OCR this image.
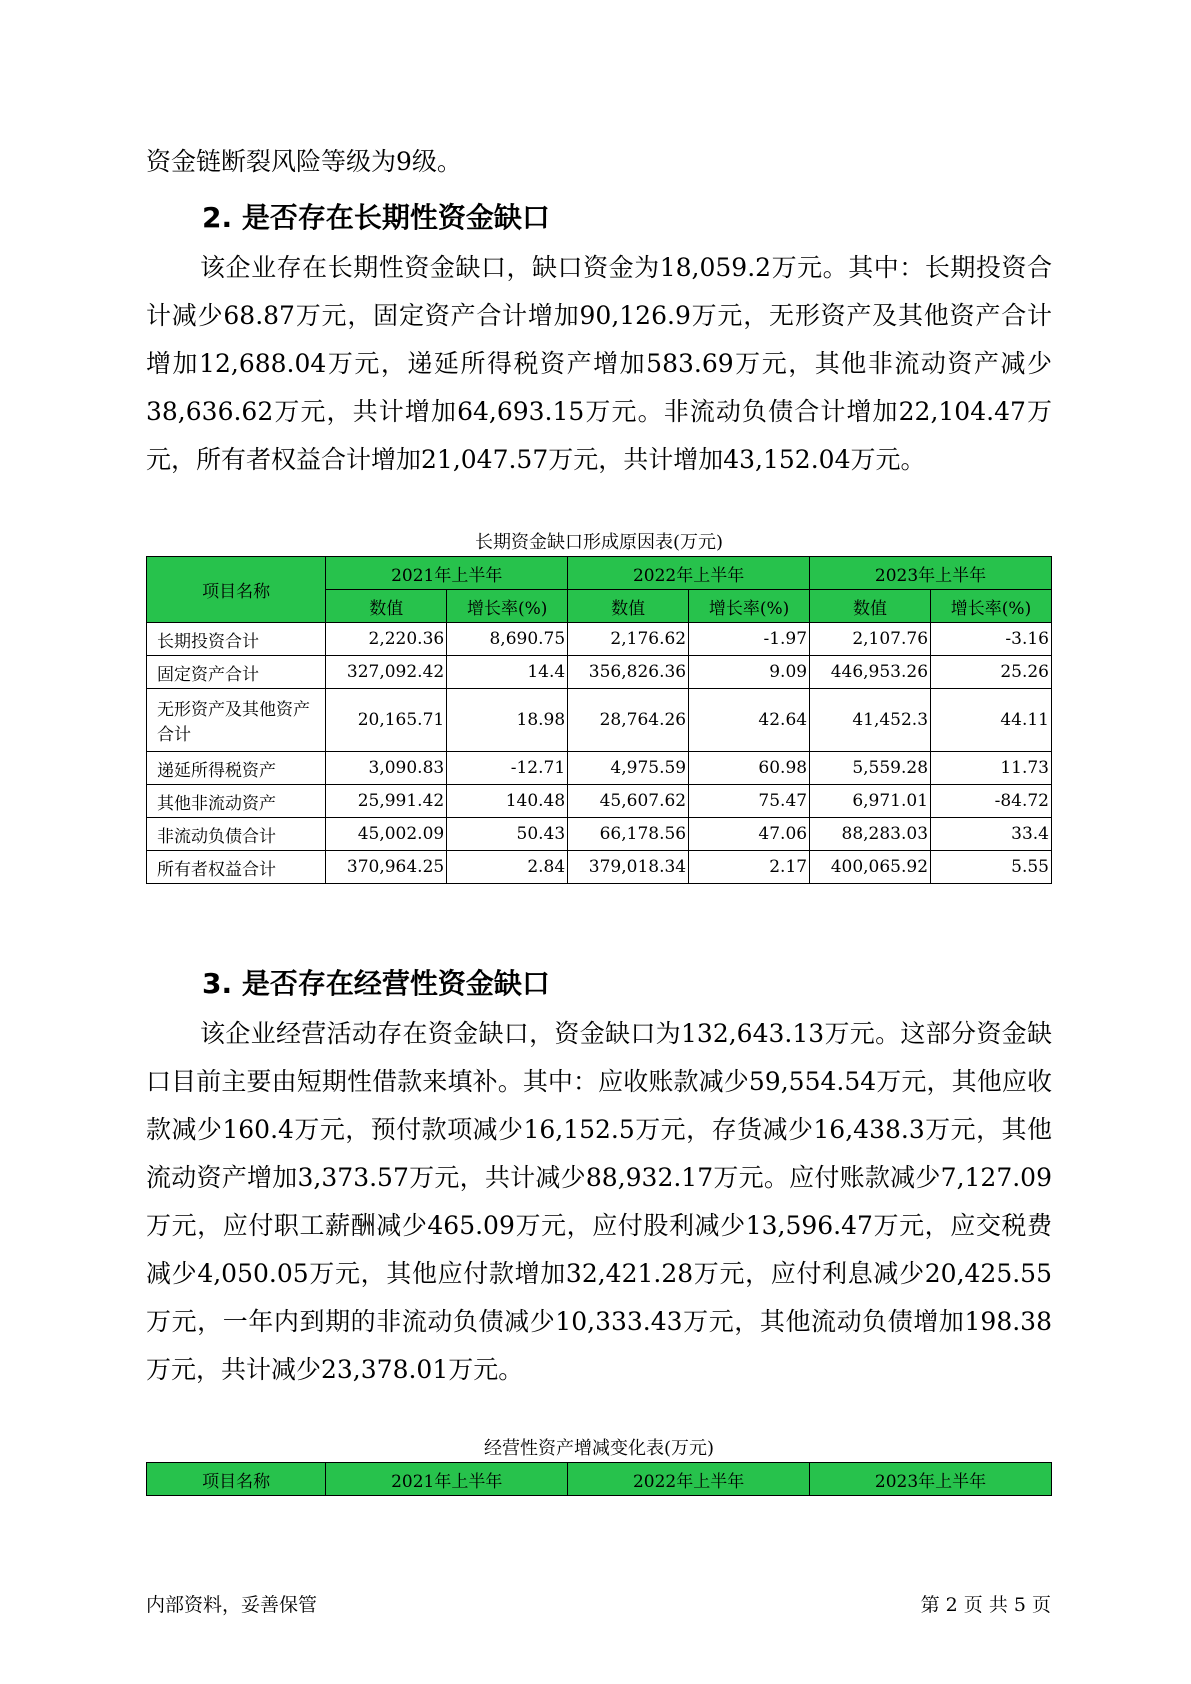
资金链断裂风险等级为9级。

2. 是否存在长期性资金缺口

该企业存在长期性资金缺口，缺口资金为18,059.2万元。其中：长期投资合计减少68.87万元，固定资产合计增加90,126.9万元，无形资产及其他资产合计增加12,688.04万元，递延所得税资产增加583.69万元，其他非流动资产减少38,636.62万元，共计增加64,693.15万元。非流动负债合计增加22,104.47万元，所有者权益合计增加21,047.57万元，共计增加43,152.04万元。

长期资金缺口形成原因表(万元)

项目名称	2021年上半年		2022年上半年		2023年上半年	
	数值	增长率(%)	数值	增长率(%)	数值	增长率(%)
长期投资合计	2,220.36	8,690.75	2,176.62	-1.97	2,107.76	-3.16
固定资产合计	327,092.42	14.4	356,826.36	9.09	446,953.26	25.26
无形资产及其他资产合计	20,165.71	18.98	28,764.26	42.64	41,452.3	44.11
递延所得税资产	3,090.83	-12.71	4,975.59	60.98	5,559.28	11.73
其他非流动资产	25,991.42	140.48	45,607.62	75.47	6,971.01	-84.72
非流动负债合计	45,002.09	50.43	66,178.56	47.06	88,283.03	33.4
所有者权益合计	370,964.25	2.84	379,018.34	2.17	400,065.92	5.55
3. 是否存在经营性资金缺口

该企业经营活动存在资金缺口，资金缺口为132,643.13万元。这部分资金缺口目前主要由短期性借款来填补。其中：应收账款减少59,554.54万元，其他应收款减少160.4万元，预付款项减少16,152.5万元，存货减少16,438.3万元，其他流动资产增加3,373.57万元，共计减少88,932.17万元。应付账款减少7,127.09万元，应付职工薪酬减少465.09万元，应付股利减少13,596.47万元，应交税费减少4,050.05万元，其他应付款增加32,421.28万元，应付利息减少20,425.55万元，一年内到期的非流动负债减少10,333.43万元，其他流动负债增加198.38万元，共计减少23,378.01万元。

经营性资产增减变化表(万元)

项目名称	2021年上半年	2022年上半年	2023年上半年

内部资料，妥善保管	第 2 页 共 5 页
